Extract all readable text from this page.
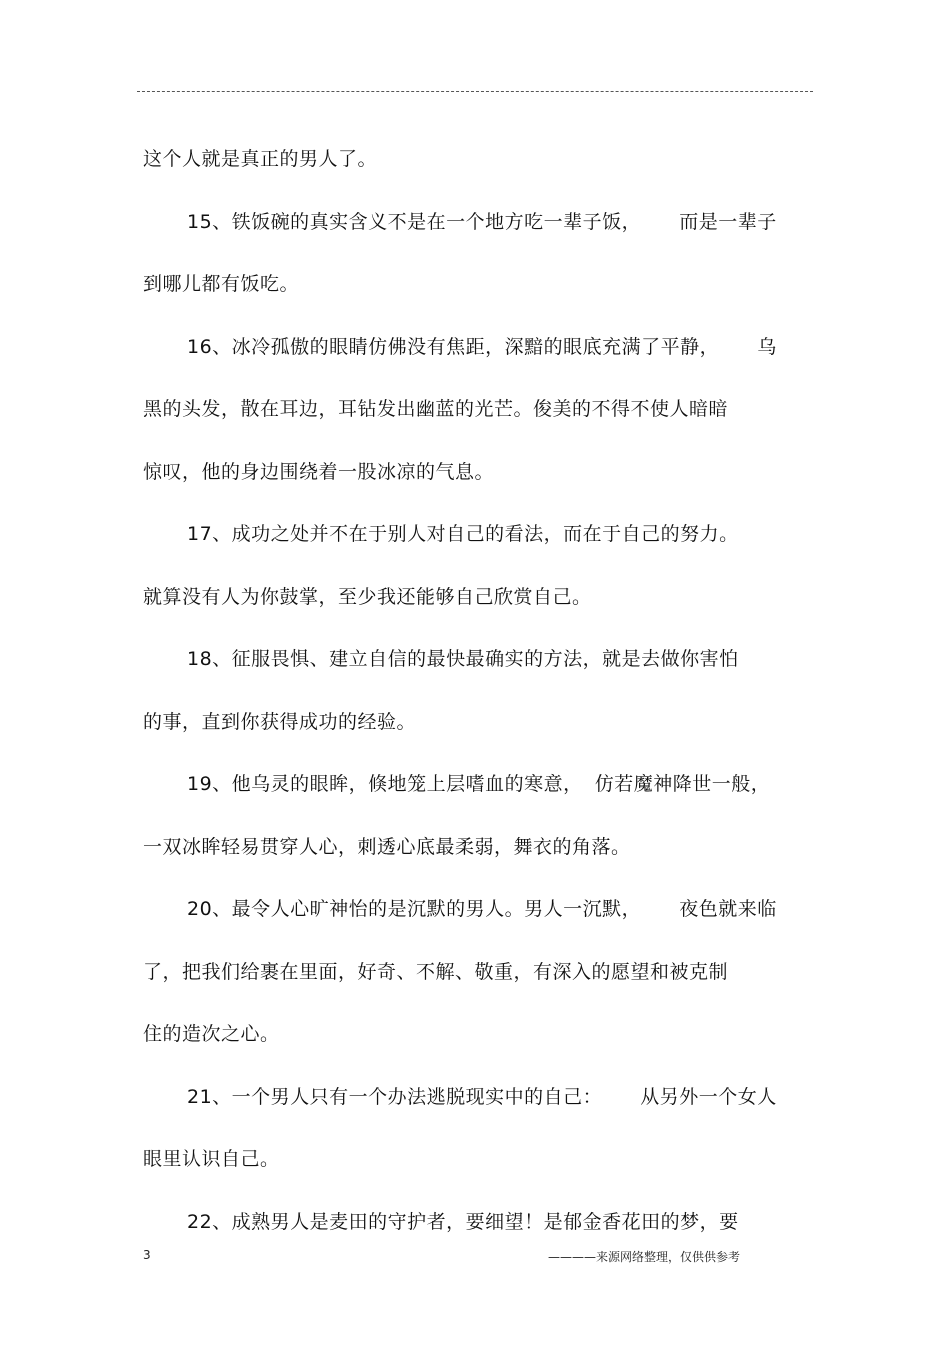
这个人就是真正的男人了。

15、铁饭碗的真实含义不是在一个地方吃一辈子饭， 而是一辈子
到哪儿都有饭吃。

16、冰冷孤傲的眼睛仿佛没有焦距，深黯的眼底充满了平静， 乌
黑的头发，散在耳边，耳钻发出幽蓝的光芒。俊美的不得不使人暗暗
惊叹，他的身边围绕着一股冰凉的气息。

17、成功之处并不在于别人对自己的看法，而在于自己的努力。
就算没有人为你鼓掌，至少我还能够自己欣赏自己。

18、征服畏惧、建立自信的最快最确实的方法，就是去做你害怕
的事，直到你获得成功的经验。

19、他乌灵的眼眸，倏地笼上层嗜血的寒意， 仿若魔神降世一般，
一双冰眸轻易贯穿人心，刺透心底最柔弱，舞衣的角落。

20、最令人心旷神怡的是沉默的男人。男人一沉默， 夜色就来临
了，把我们给裹在里面，好奇、不解、敬重，有深入的愿望和被克制
住的造次之心。

21、一个男人只有一个办法逃脱现实中的自己： 从另外一个女人
眼里认识自己。

22、成熟男人是麦田的守护者，要细望！是郁金香花田的梦，要

3	————来源网络整理，仅供供参考
